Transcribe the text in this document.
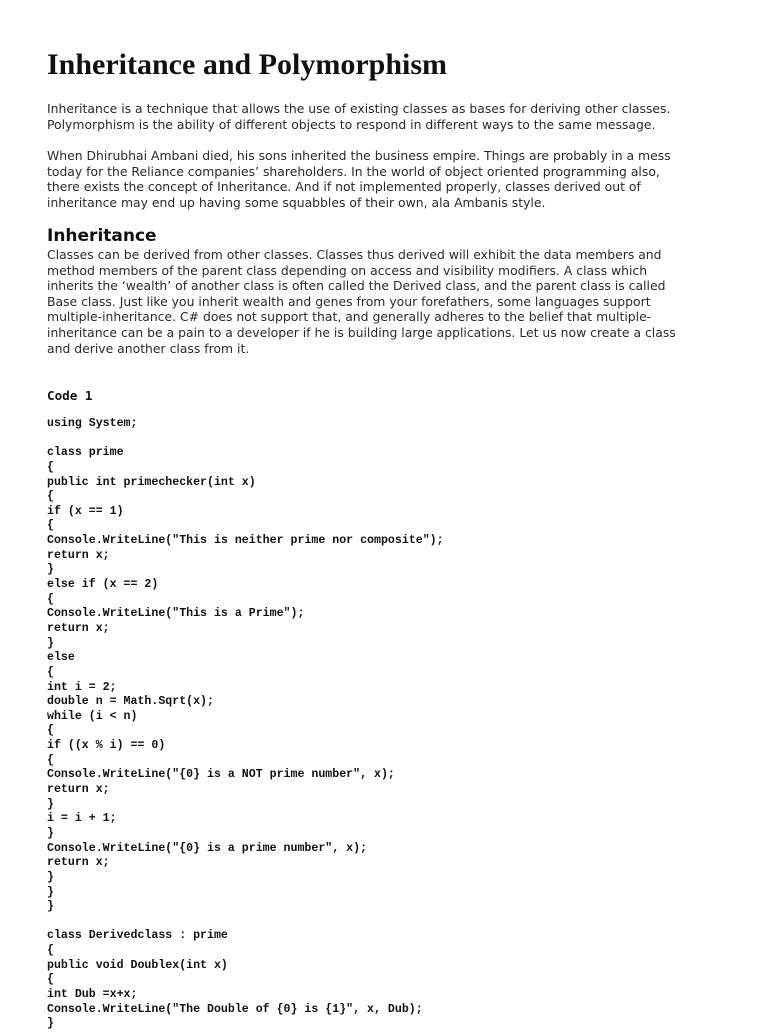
Inheritance and Polymorphism

Inheritance is a technique that allows the use of existing classes as bases for deriving other classes.
Polymorphism is the ability of different objects to respond in different ways to the same message.

When Dhirubhai Ambani died, his sons inherited the business empire. Things are probably in a mess
today for the Reliance companies’ shareholders. In the world of object oriented programming also,
there exists the concept of Inheritance. And if not implemented properly, classes derived out of
inheritance may end up having some squabbles of their own, ala Ambanis style.

Inheritance

Classes can be derived from other classes. Classes thus derived will exhibit the data members and
method members of the parent class depending on access and visibility modifiers. A class which
inherits the ‘wealth’ of another class is often called the Derived class, and the parent class is called
Base class. Just like you inherit wealth and genes from your forefathers, some languages support
multiple-inheritance. C# does not support that, and generally adheres to the belief that multiple-
inheritance can be a pain to a developer if he is building large applications. Let us now create a class
and derive another class from it.

Code 1
using System;
class prime
{
public int primechecker(int x)
{
if (x == 1)
{
Console.WriteLine("This is neither prime nor composite");
return x;
}
else if (x == 2)
{
Console.WriteLine("This is a Prime");
return x;
}
else
{
int i = 2;
double n = Math.Sqrt(x);
while (i < n)
{
if ((x % i) == 0)
{
Console.WriteLine("{0} is a NOT prime number", x);
return x;
}
i = i + 1;
}
Console.WriteLine("{0} is a prime number", x);
return x;
}
}
}
class Derivedclass : prime
{
public void Doublex(int x)
{
int Dub =x+x;
Console.WriteLine("The Double of {0} is {1}", x, Dub);
}
